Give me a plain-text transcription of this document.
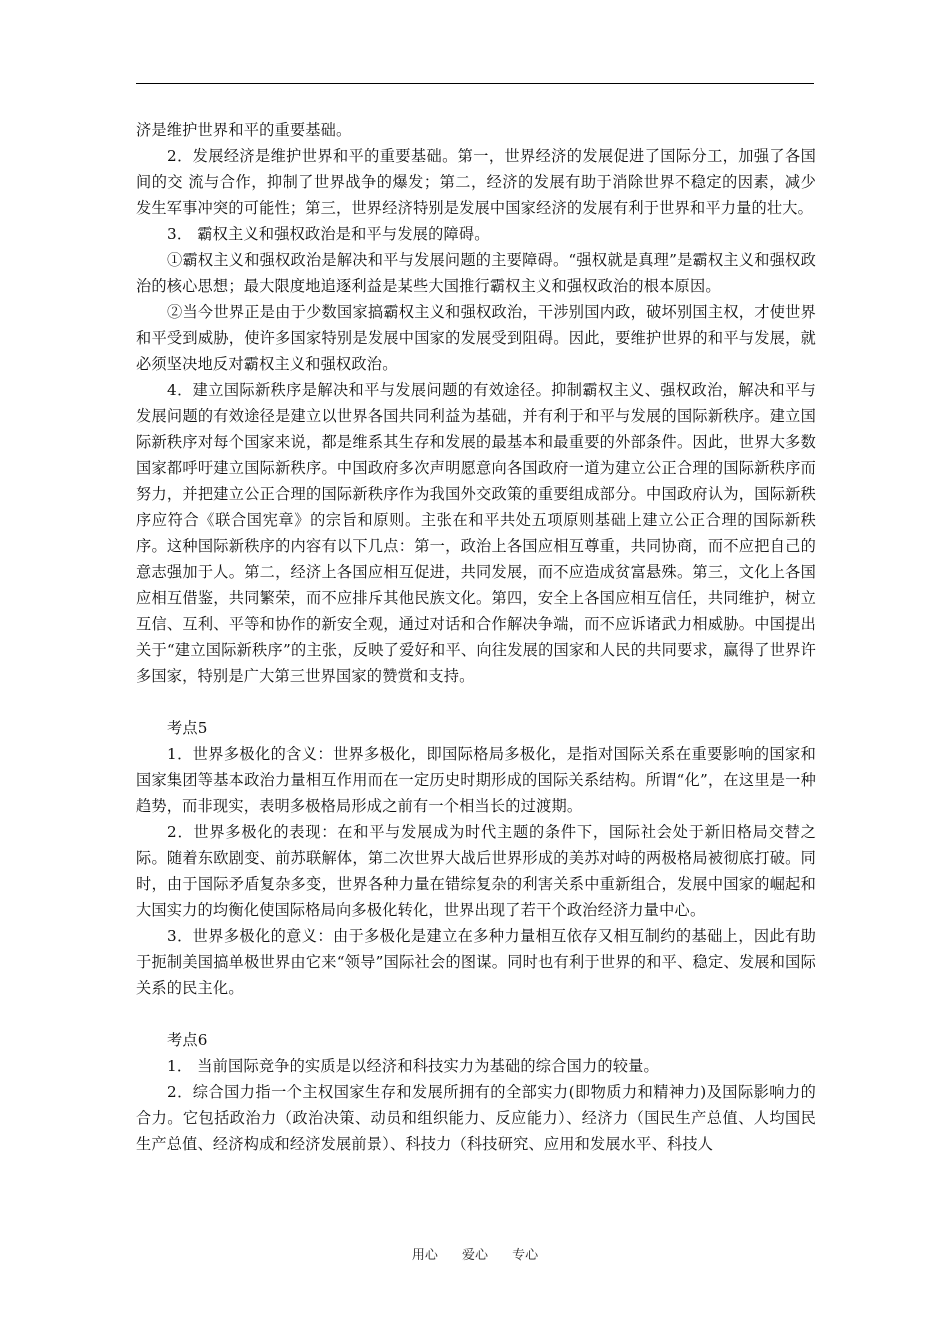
济是维护世界和平的重要基础。

2．发展经济是维护世界和平的重要基础。第一，世界经济的发展促进了国际分工，加强了各国间的交 流与合作，抑制了世界战争的爆发；第二，经济的发展有助于消除世界不稳定的因素，减少发生军事冲突的可能性；第三，世界经济特别是发展中国家经济的发展有利于世界和平力量的壮大。

3． 霸权主义和强权政治是和平与发展的障碍。

①霸权主义和强权政治是解决和平与发展问题的主要障碍。“强权就是真理”是霸权主义和强权政治的核心思想；最大限度地追逐利益是某些大国推行霸权主义和强权政治的根本原因。

②当今世界正是由于少数国家搞霸权主义和强权政治，干涉别国内政，破坏别国主权，才使世界和平受到威胁，使许多国家特别是发展中国家的发展受到阻碍。因此，要维护世界的和平与发展，就必须坚决地反对霸权主义和强权政治。

4．建立国际新秩序是解决和平与发展问题的有效途径。抑制霸权主义、强权政治，解决和平与发展问题的有效途径是建立以世界各国共同利益为基础，并有利于和平与发展的国际新秩序。建立国际新秩序对每个国家来说，都是维系其生存和发展的最基本和最重要的外部条件。因此，世界大多数国家都呼吁建立国际新秩序。中国政府多次声明愿意向各国政府一道为建立公正合理的国际新秩序而努力，并把建立公正合理的国际新秩序作为我国外交政策的重要组成部分。中国政府认为，国际新秩序应符合《联合国宪章》的宗旨和原则。主张在和平共处五项原则基础上建立公正合理的国际新秩序。这种国际新秩序的内容有以下几点：第一，政治上各国应相互尊重，共同协商，而不应把自己的意志强加于人。第二，经济上各国应相互促进，共同发展，而不应造成贫富悬殊。第三，文化上各国应相互借鉴，共同繁荣，而不应排斥其他民族文化。第四，安全上各国应相互信任，共同维护，树立互信、互利、平等和协作的新安全观，通过对话和合作解决争端，而不应诉诸武力相威胁。中国提出关于“建立国际新秩序”的主张，反映了爱好和平、向往发展的国家和人民的共同要求，赢得了世界许多国家，特别是广大第三世界国家的赞赏和支持。

考点5

1．世界多极化的含义：世界多极化，即国际格局多极化，是指对国际关系在重要影响的国家和国家集团等基本政治力量相互作用而在一定历史时期形成的国际关系结构。所谓“化”，在这里是一种趋势，而非现实，表明多极格局形成之前有一个相当长的过渡期。

2．世界多极化的表现：在和平与发展成为时代主题的条件下，国际社会处于新旧格局交替之际。随着东欧剧变、前苏联解体，第二次世界大战后世界形成的美苏对峙的两极格局被彻底打破。同时，由于国际矛盾复杂多变，世界各种力量在错综复杂的利害关系中重新组合，发展中国家的崛起和大国实力的均衡化使国际格局向多极化转化，世界出现了若干个政治经济力量中心。

3．世界多极化的意义：由于多极化是建立在多种力量相互依存又相互制约的基础上，因此有助于扼制美国搞单极世界由它来“领导”国际社会的图谋。同时也有利于世界的和平、稳定、发展和国际关系的民主化。

考点6

1． 当前国际竞争的实质是以经济和科技实力为基础的综合国力的较量。

2．综合国力指一个主权国家生存和发展所拥有的全部实力(即物质力和精神力)及国际影响力的合力。它包括政治力（政治决策、动员和组织能力、反应能力）、经济力（国民生产总值、人均国民生产总值、经济构成和经济发展前景）、科技力（科技研究、应用和发展水平、科技人

用心 爱心 专心
